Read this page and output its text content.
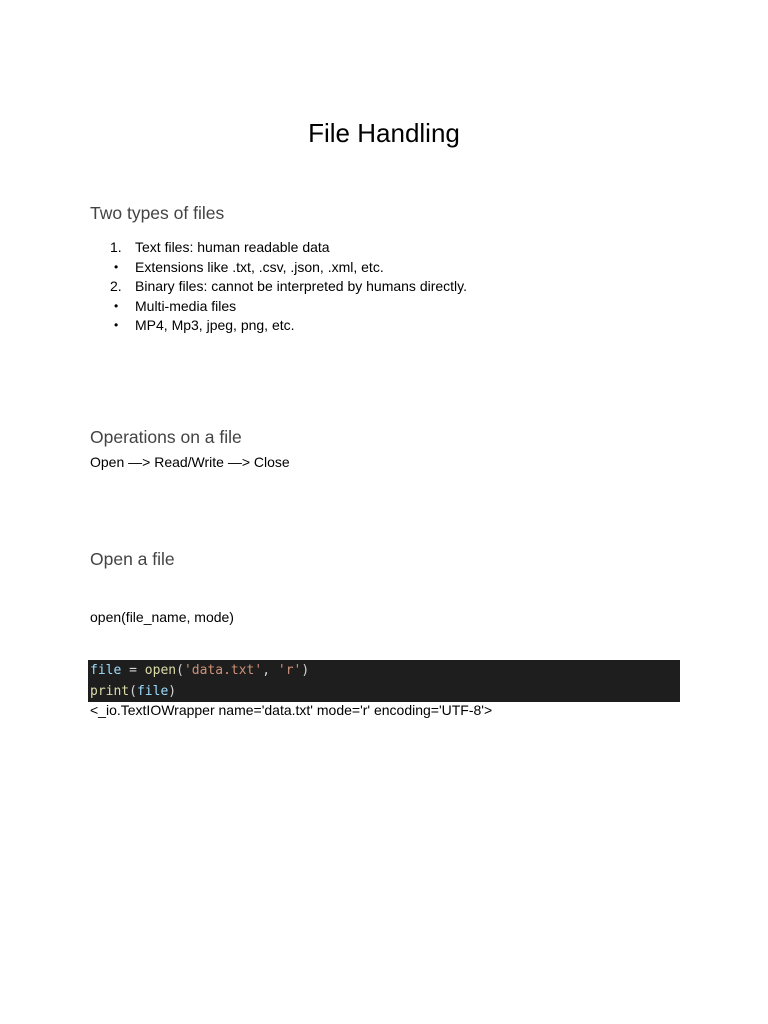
File Handling
Two types of files
1. Text files: human readable data
•	Extensions like .txt, .csv, .json, .xml, etc.
2. Binary files: cannot be interpreted by humans directly.
•	Multi-media files
•	MP4, Mp3, jpeg, png, etc.
Operations on a file

Open —> Read/Write —> Close

Open a file

open(file_name, mode)

file = open('data.txt', 'r')
print(file)

<_io.TextIOWrapper name='data.txt' mode='r' encoding='UTF-8'>
